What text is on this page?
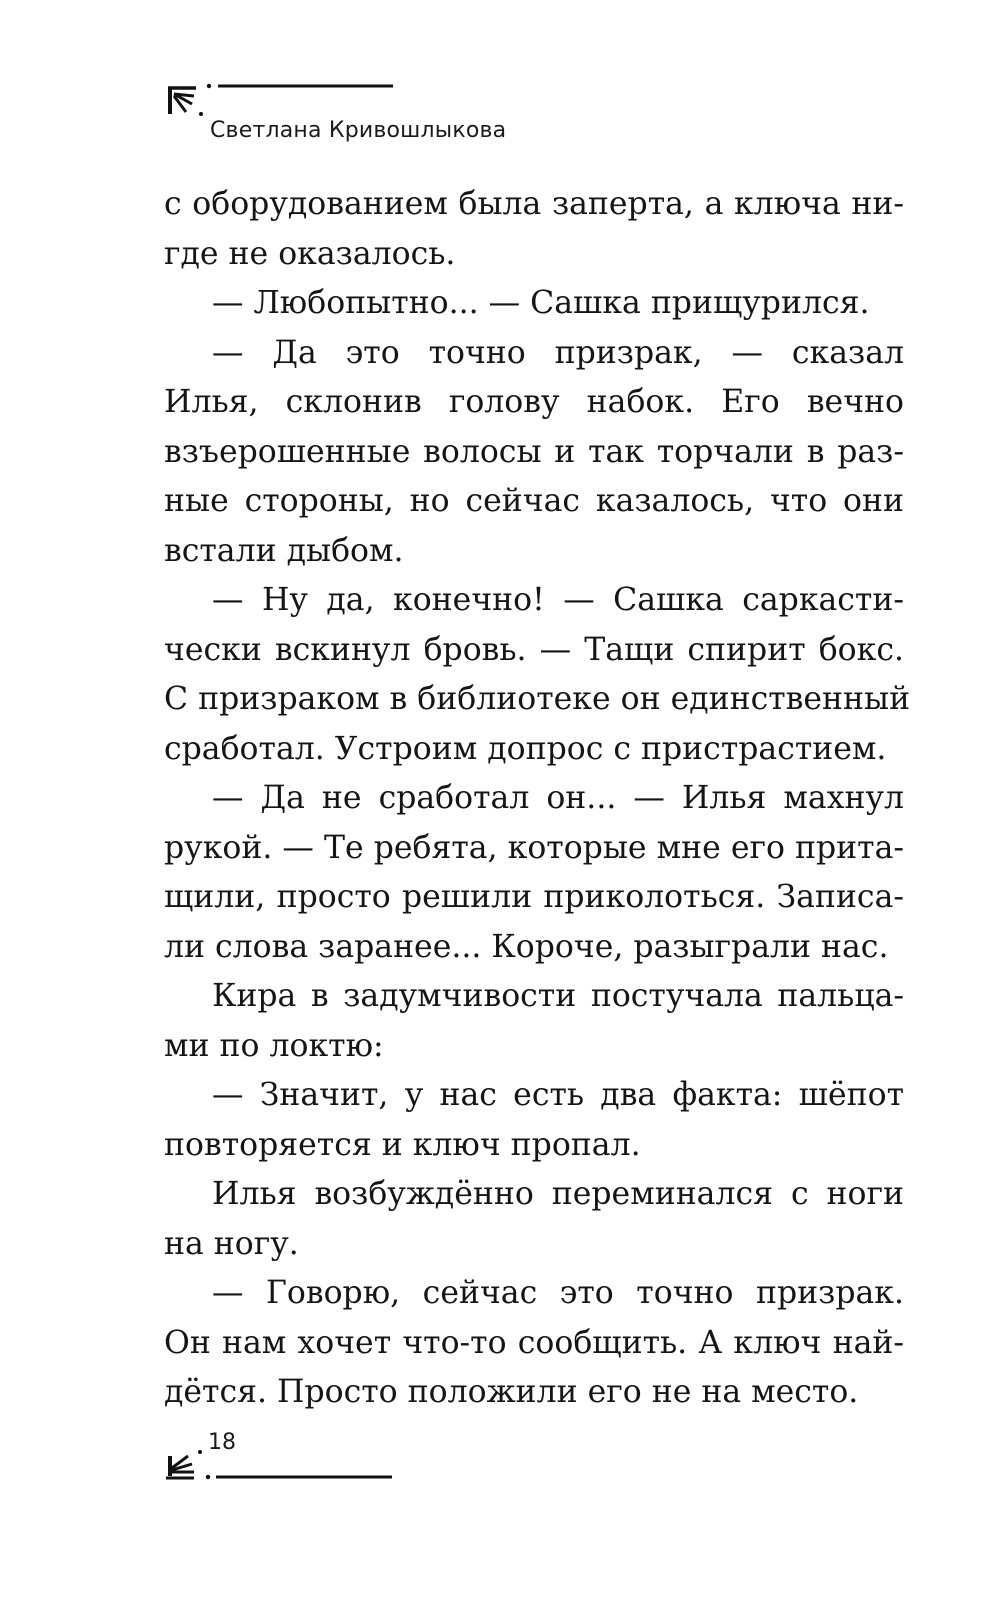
Светлана Кривошлыкова
с оборудованием была заперта, а ключа ни-
где не оказалось.
— Любопытно... — Сашка прищурился.
— Да это точно призрак, — сказал
Илья, склонив голову набок. Его вечно
взъерошенные волосы и так торчали в раз-
ные стороны, но сейчас казалось, что они
встали дыбом.
— Ну да, конечно! — Сашка саркасти-
чески вскинул бровь. — Тащи спирит бокс.
С призраком в библиотеке он единственный
сработал. Устроим допрос с пристрастием.
— Да не сработал он... — Илья махнул
рукой. — Те ребята, которые мне его прита-
щили, просто решили приколоться. Записа-
ли слова заранее... Короче, разыграли нас.
Кира в задумчивости постучала пальца-
ми по локтю:
— Значит, у нас есть два факта: шёпот
повторяется и ключ пропал.
Илья возбуждённо переминался с ноги
на ногу.
— Говорю, сейчас это точно призрак.
Он нам хочет что-то сообщить. А ключ най-
дётся. Просто положили его не на место.
18
